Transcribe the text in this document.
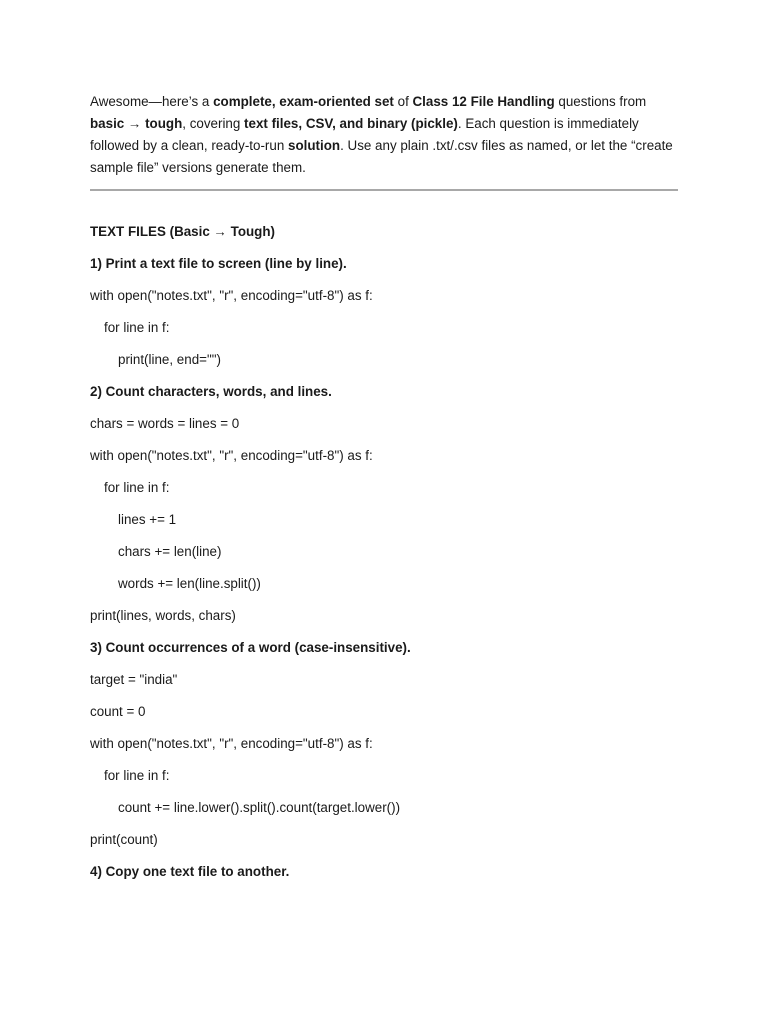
Awesome—here’s a complete, exam-oriented set of Class 12 File Handling questions from basic → tough, covering text files, CSV, and binary (pickle). Each question is immediately followed by a clean, ready-to-run solution. Use any plain .txt/.csv files as named, or let the “create sample file” versions generate them.

TEXT FILES (Basic → Tough)
1) Print a text file to screen (line by line).
with open("notes.txt", "r", encoding="utf-8") as f:
for line in f:
print(line, end="")
2) Count characters, words, and lines.
chars = words = lines = 0
with open("notes.txt", "r", encoding="utf-8") as f:
for line in f:
lines += 1
chars += len(line)
words += len(line.split())
print(lines, words, chars)
3) Count occurrences of a word (case-insensitive).
target = "india"
count = 0
with open("notes.txt", "r", encoding="utf-8") as f:
for line in f:
count += line.lower().split().count(target.lower())
print(count)
4) Copy one text file to another.
